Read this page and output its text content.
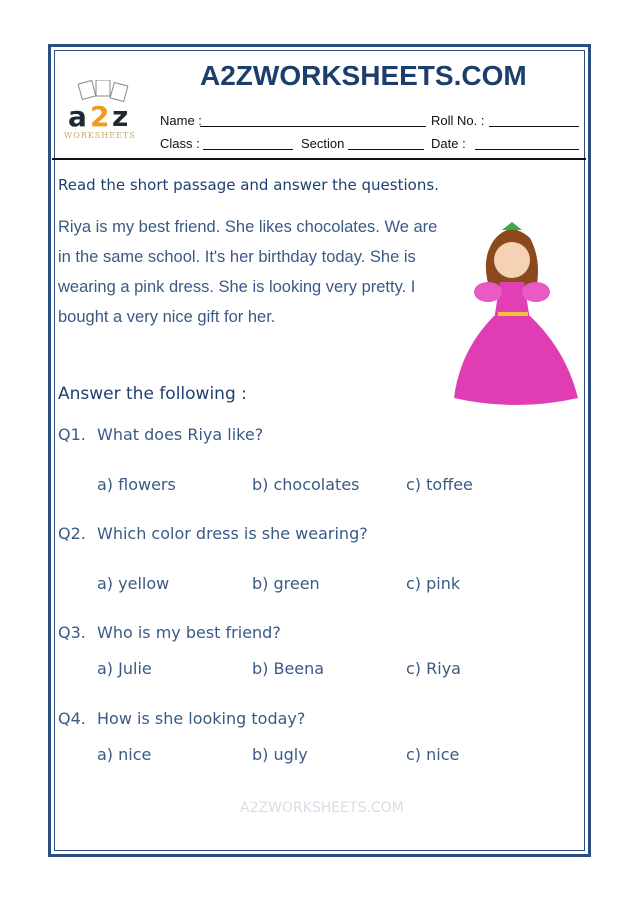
a 2 z
WORKSHEETS
A2ZWORKSHEETS.COM
Name :	Roll No. :
Class :	Section	Date :
Read the short passage and answer the questions.
Riya is my best friend. She likes chocolates. We are in the same school. It's her birthday today. She is wearing a pink dress. She is looking very pretty. I bought a very nice gift for her.
Answer the following :
A2ZWORKSHEETS.COM
Q1. What does Riya like?
a) flowers	b) chocolates	c) toffee
Q2. Which color dress is she wearing?
a) yellow	b) green	c) pink
Q3. Who is my best friend?
a) Julie	b) Beena	c) Riya
Q4. How is she looking today?
a) nice	b) ugly	c) nice
